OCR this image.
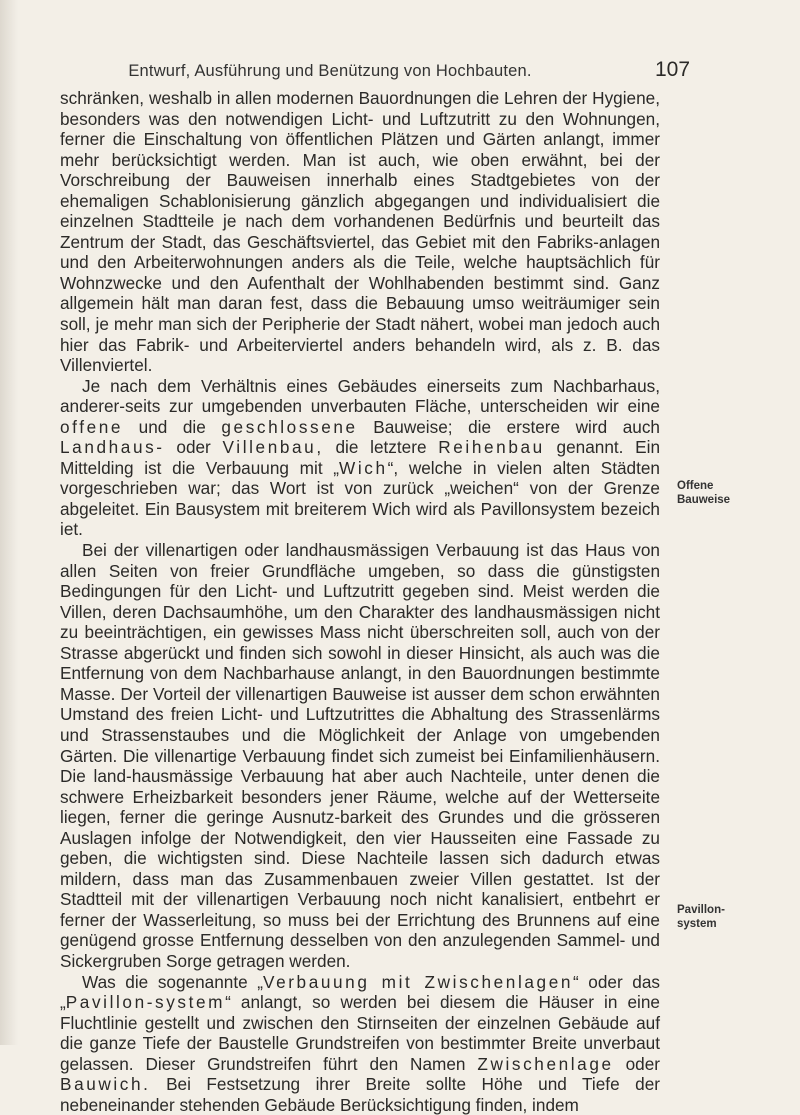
Entwurf, Ausführung und Benützung von Hochbauten.	107

schränken, weshalb in allen modernen Bauordnungen die Lehren der Hygiene, besonders was den notwendigen Licht- und Luftzutritt zu den Wohnungen, ferner die Einschaltung von öffentlichen Plätzen und Gärten anlangt, immer mehr berücksichtigt werden. Man ist auch, wie oben erwähnt, bei der Vorschreibung der Bauweisen innerhalb eines Stadtgebietes von der ehemaligen Schablonisierung gänzlich abgegangen und individualisiert die einzelnen Stadtteile je nach dem vorhandenen Bedürfnis und beurteilt das Zentrum der Stadt, das Geschäftsviertel, das Gebiet mit den Fabriks-anlagen und den Arbeiterwohnungen anders als die Teile, welche hauptsächlich für Wohnzwecke und den Aufenthalt der Wohlhabenden bestimmt sind. Ganz allgemein hält man daran fest, dass die Bebauung umso weiträumiger sein soll, je mehr man sich der Peripherie der Stadt nähert, wobei man jedoch auch hier das Fabrik- und Arbeiterviertel anders behandeln wird, als z. B. das Villenviertel.

Je nach dem Verhältnis eines Gebäudes einerseits zum Nachbarhaus, anderer-seits zur umgebenden unverbauten Fläche, unterscheiden wir eine offene und die geschlossene Bauweise; die erstere wird auch Landhaus- oder Villenbau, die letztere Reihenbau genannt. Ein Mittelding ist die Verbauung mit „Wich“, welche in vielen alten Städten vorgeschrieben war; das Wort ist von zurück „weichen“ von der Grenze abgeleitet. Ein Bausystem mit breiterem Wich wird als Pavillonsystem bezeich iet.

Bei der villenartigen oder landhausmässigen Verbauung ist das Haus von allen Seiten von freier Grundfläche umgeben, so dass die günstigsten Bedingungen für den Licht- und Luftzutritt gegeben sind. Meist werden die Villen, deren Dachsaumhöhe, um den Charakter des landhausmässigen nicht zu beeinträchtigen, ein gewisses Mass nicht überschreiten soll, auch von der Strasse abgerückt und finden sich sowohl in dieser Hinsicht, als auch was die Entfernung von dem Nachbarhause anlangt, in den Bauordnungen bestimmte Masse. Der Vorteil der villenartigen Bauweise ist ausser dem schon erwähnten Umstand des freien Licht- und Luftzutrittes die Abhaltung des Strassenlärms und Strassenstaubes und die Möglichkeit der Anlage von umgebenden Gärten. Die villenartige Verbauung findet sich zumeist bei Einfamilienhäusern. Die land-hausmässige Verbauung hat aber auch Nachteile, unter denen die schwere Erheizbarkeit besonders jener Räume, welche auf der Wetterseite liegen, ferner die geringe Ausnutz-barkeit des Grundes und die grösseren Auslagen infolge der Notwendigkeit, den vier Hausseiten eine Fassade zu geben, die wichtigsten sind. Diese Nachteile lassen sich dadurch etwas mildern, dass man das Zusammenbauen zweier Villen gestattet. Ist der Stadtteil mit der villenartigen Verbauung noch nicht kanalisiert, entbehrt er ferner der Wasserleitung, so muss bei der Errichtung des Brunnens auf eine genügend grosse Entfernung desselben von den anzulegenden Sammel- und Sickergruben Sorge getragen werden.

Was die sogenannte „Verbauung mit Zwischenlagen“ oder das „Pavillon-system“ anlangt, so werden bei diesem die Häuser in eine Fluchtlinie gestellt und zwischen den Stirnseiten der einzelnen Gebäude auf die ganze Tiefe der Baustelle Grundstreifen von bestimmter Breite unverbaut gelassen. Dieser Grundstreifen führt den Namen Zwischenlage oder Bauwich. Bei Festsetzung ihrer Breite sollte Höhe und Tiefe der nebeneinander stehenden Gebäude Berücksichtigung finden, indem

Offene
Bauweise
Pavillon-
system
